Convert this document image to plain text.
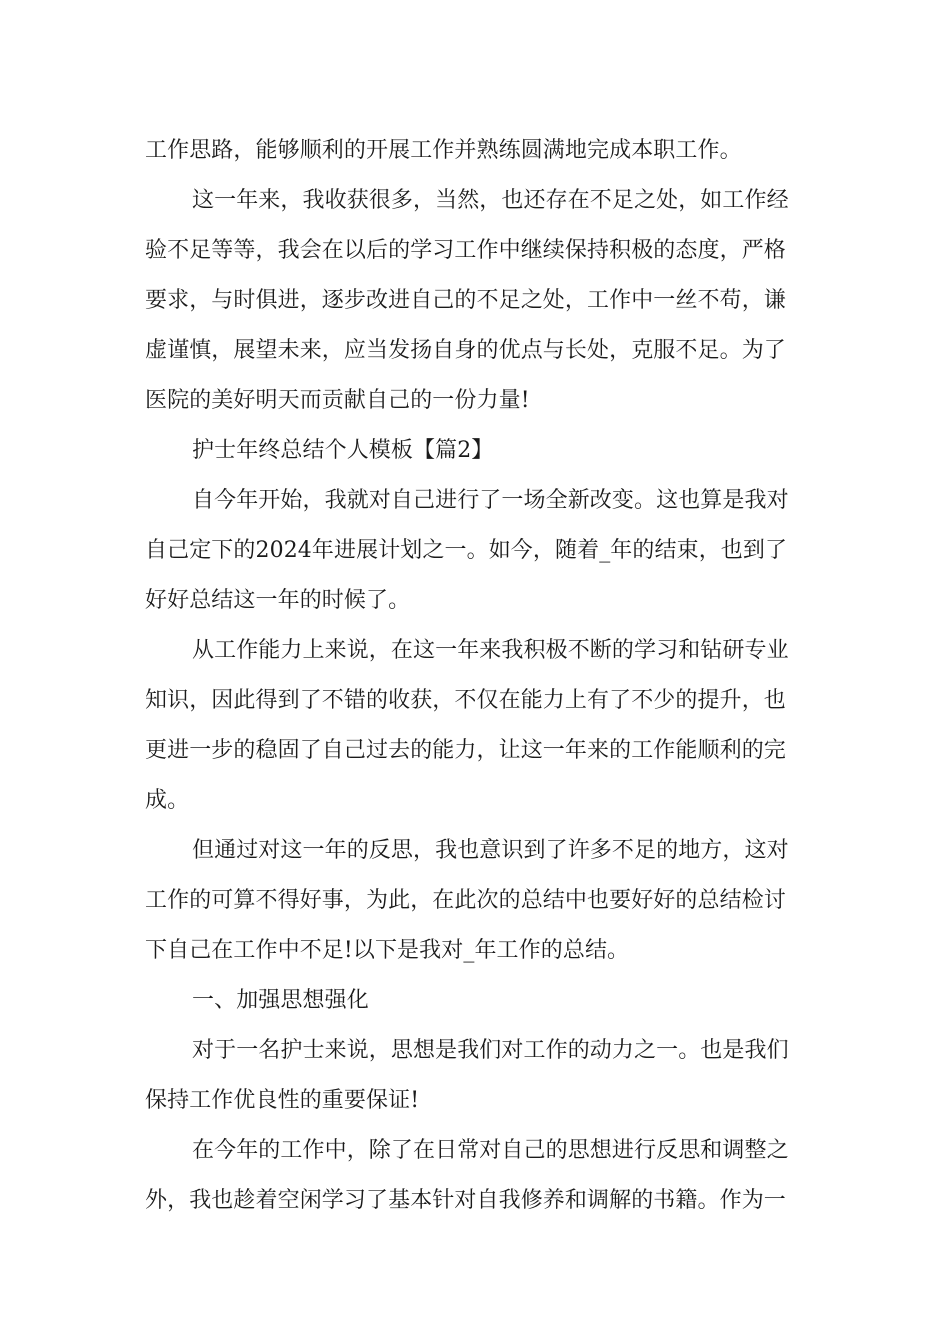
工作思路，能够顺利的开展工作并熟练圆满地完成本职工作。
这一年来，我收获很多，当然，也还存在不足之处，如工作经
验不足等等，我会在以后的学习工作中继续保持积极的态度，严格
要求，与时俱进，逐步改进自己的不足之处，工作中一丝不苟，谦
虚谨慎，展望未来，应当发扬自身的优点与长处，克服不足。为了
医院的美好明天而贡献自己的一份力量!
护士年终总结个人模板【篇2】
自今年开始，我就对自己进行了一场全新改变。这也算是我对
自己定下的2024年进展计划之一。如今，随着_年的结束，也到了
好好总结这一年的时候了。
从工作能力上来说，在这一年来我积极不断的学习和钻研专业
知识，因此得到了不错的收获，不仅在能力上有了不少的提升，也
更进一步的稳固了自己过去的能力，让这一年来的工作能顺利的完
成。
但通过对这一年的反思，我也意识到了许多不足的地方，这对
工作的可算不得好事，为此，在此次的总结中也要好好的总结检讨
下自己在工作中不足!以下是我对_年工作的总结。
一、加强思想强化
对于一名护士来说，思想是我们对工作的动力之一。也是我们
保持工作优良性的重要保证!
在今年的工作中，除了在日常对自己的思想进行反思和调整之
外，我也趁着空闲学习了基本针对自我修养和调解的书籍。作为一
